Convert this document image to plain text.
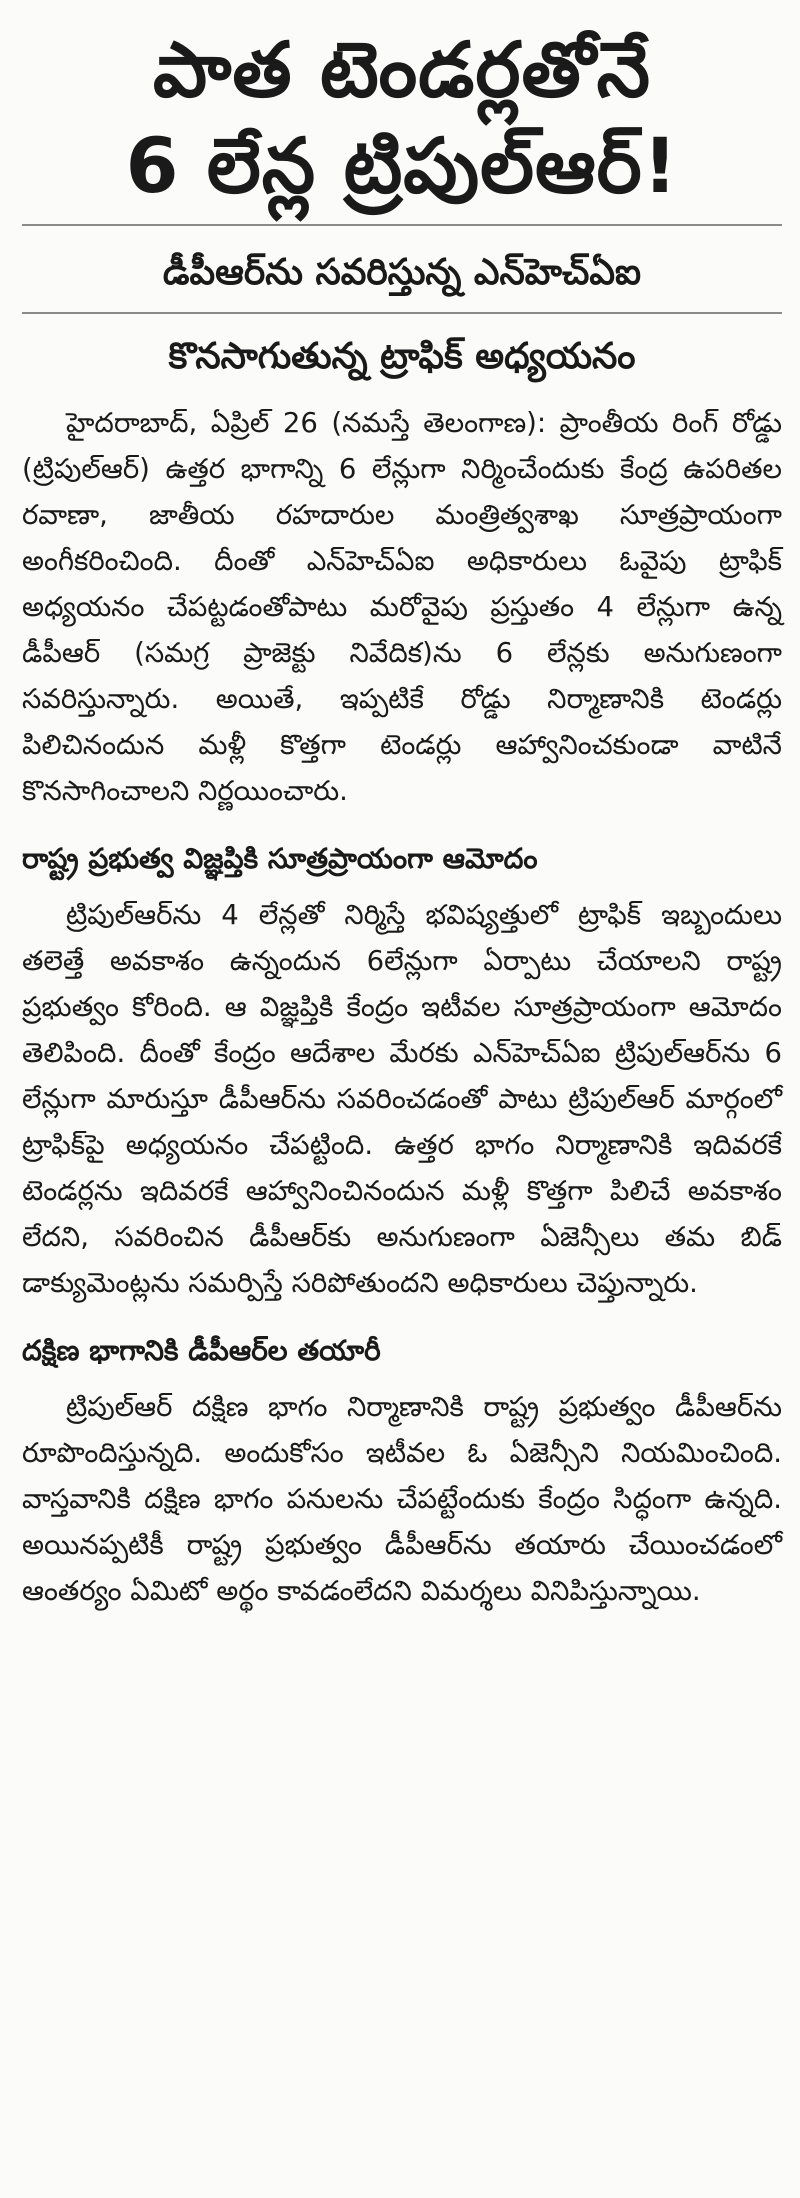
పాత టెండర్లతోనే
6 లేన్ల ట్రిపుల్‌ఆర్‌!
డీపీఆర్‌ను సవరిస్తున్న ఎన్‌హెచ్‌ఏఐ
కొనసాగుతున్న ట్రాఫిక్‌ అధ్యయనం

హైదరాబాద్‌, ఏప్రిల్‌ 26 (నమస్తే తెలంగాణ): ప్రాంతీయ రింగ్‌ రోడ్డు (ట్రిపుల్‌ఆర్‌) ఉత్తర భాగాన్ని 6 లేన్లుగా నిర్మించేందుకు కేంద్ర ఉపరితల రవాణా, జాతీయ రహదారుల మంత్రిత్వశాఖ సూత్రప్రాయంగా అంగీకరించింది. దీంతో ఎన్‌హెచ్‌ఏఐ అధికారులు ఓవైపు ట్రాఫిక్‌ అధ్యయనం చేపట్టడంతోపాటు మరోవైపు ప్రస్తుతం 4 లేన్లుగా ఉన్న డీపీఆర్‌ (సమగ్ర ప్రాజెక్టు నివేదిక)ను 6 లేన్లకు అనుగుణంగా సవరిస్తున్నారు. అయితే, ఇప్పటికే రోడ్డు నిర్మాణానికి టెండర్లు పిలిచినందున మళ్లీ కొత్తగా టెండర్లు ఆహ్వానించకుండా వాటినే కొనసాగించాలని నిర్ణయించారు.

రాష్ట్ర ప్రభుత్వ విజ్ఞప్తికి సూత్రప్రాయంగా ఆమోదం

ట్రిపుల్‌ఆర్‌ను 4 లేన్లతో నిర్మిస్తే భవిష్యత్తులో ట్రాఫిక్‌ ఇబ్బందులు తలెత్తే అవకాశం ఉన్నందున 6లేన్లుగా ఏర్పాటు చేయాలని రాష్ట్ర ప్రభుత్వం కోరింది. ఆ విజ్ఞప్తికి కేంద్రం ఇటీవల సూత్రప్రాయంగా ఆమోదం తెలిపింది. దీంతో కేంద్రం ఆదేశాల మేరకు ఎన్‌హెచ్‌ఏఐ ట్రిపుల్‌ఆర్‌ను 6 లేన్లుగా మారుస్తూ డీపీఆర్‌ను సవరించడంతో పాటు ట్రిపుల్‌ఆర్‌ మార్గంలో ట్రాఫిక్‌పై అధ్యయనం చేపట్టింది. ఉత్తర భాగం నిర్మాణానికి ఇదివరకే టెండర్లను ఇదివరకే ఆహ్వానించినందున మళ్లీ కొత్తగా పిలిచే అవకాశం లేదని, సవరించిన డీపీఆర్‌కు అనుగుణంగా ఏజెన్సీలు తమ బిడ్‌ డాక్యుమెంట్లను సమర్పిస్తే సరిపోతుందని అధికారులు చెప్తున్నారు.

దక్షిణ భాగానికి డీపీఆర్‌ల తయారీ

ట్రిపుల్‌ఆర్‌ దక్షిణ భాగం నిర్మాణానికి రాష్ట్ర ప్రభుత్వం డీపీఆర్‌ను రూపొందిస్తున్నది. అందుకోసం ఇటీవల ఓ ఏజెన్సీని నియమించింది. వాస్తవానికి దక్షిణ భాగం పనులను చేపట్టేందుకు కేంద్రం సిద్ధంగా ఉన్నది. అయినప్పటికీ రాష్ట్ర ప్రభుత్వం డీపీఆర్‌ను తయారు చేయించడంలో ఆంతర్యం ఏమిటో అర్థం కావడంలేదని విమర్శలు వినిపిస్తున్నాయి.
